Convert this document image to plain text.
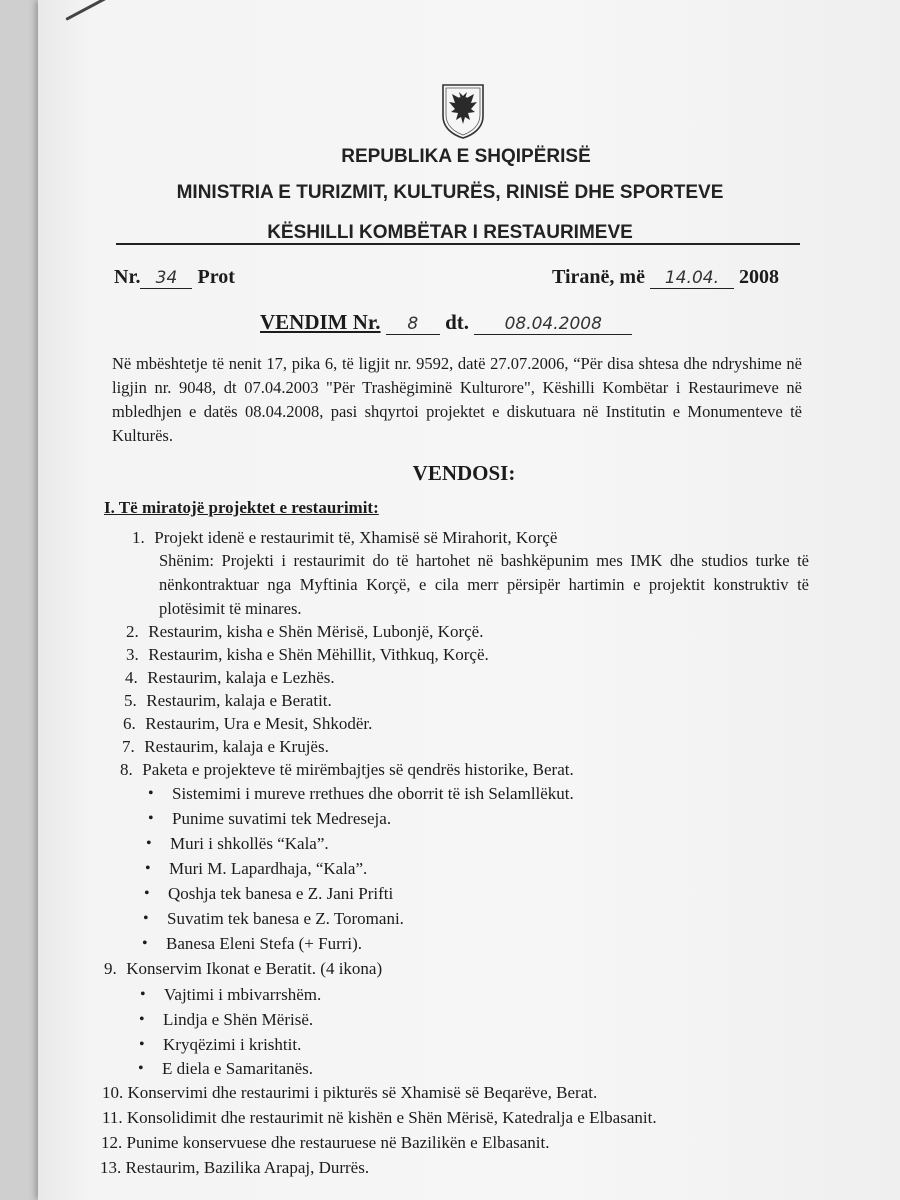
REPUBLIKA E SHQIPËRISË
MINISTRIA E TURIZMIT, KULTURËS, RINISË DHE SPORTEVE
KËSHILLI KOMBËTAR I RESTAURIMEVE
Nr. 34 Prot	Tiranë, më 14.04. 2008
VENDIM Nr. 8 dt. 08.04.2008
Në mbështetje të nenit 17, pika 6, të ligjit nr. 9592, datë 27.07.2006, “Për disa shtesa dhe ndryshime në ligjin nr. 9048, dt 07.04.2003 "Për Trashëgiminë Kulturore", Këshilli Kombëtar i Restaurimeve në mbledhjen e datës 08.04.2008, pasi shqyrtoi projektet e diskutuara në Institutin e Monumenteve të Kulturës.
VENDOSI:
I. Të miratojë projektet e restaurimit:
1. Projekt idenë e restaurimit të, Xhamisë së Mirahorit, Korçë
Shënim: Projekti i restaurimit do të hartohet në bashkëpunim mes IMK dhe studios turke të nënkontraktuar nga Myftinia Korçë, e cila merr përsipër hartimin e projektit konstruktiv të plotësimit të minares.
2. Restaurim, kisha e Shën Mërisë, Lubonjë, Korçë.
3. Restaurim, kisha e Shën Mëhillit, Vithkuq, Korçë.
4. Restaurim, kalaja e Lezhës.
5. Restaurim, kalaja e Beratit.
6. Restaurim, Ura e Mesit, Shkodër.
7. Restaurim, kalaja e Krujës.
8. Paketa e projekteve të mirëmbajtjes së qendrës historike, Berat.
• Sistemimi i mureve rrethues dhe oborrit të ish Selamllëkut.
• Punime suvatimi tek Medreseja.
• Muri i shkollës “Kala”.
• Muri M. Lapardhaja, “Kala”.
• Qoshja tek banesa e Z. Jani Prifti
• Suvatim tek banesa e Z. Toromani.
• Banesa Eleni Stefa (+ Furri).
9. Konservim Ikonat e Beratit. (4 ikona)
• Vajtimi i mbivarrshëm.
• Lindja e Shën Mërisë.
• Kryqëzimi i krishtit.
• E diela e Samaritanës.
10. Konservimi dhe restaurimi i pikturës së Xhamisë së Beqarëve, Berat.
11. Konsolidimit dhe restaurimit në kishën e Shën Mërisë, Katedralja e Elbasanit.
12. Punime konservuese dhe restauruese në Bazilikën e Elbasanit.
13. Restaurim, Bazilika Arapaj, Durrës.
